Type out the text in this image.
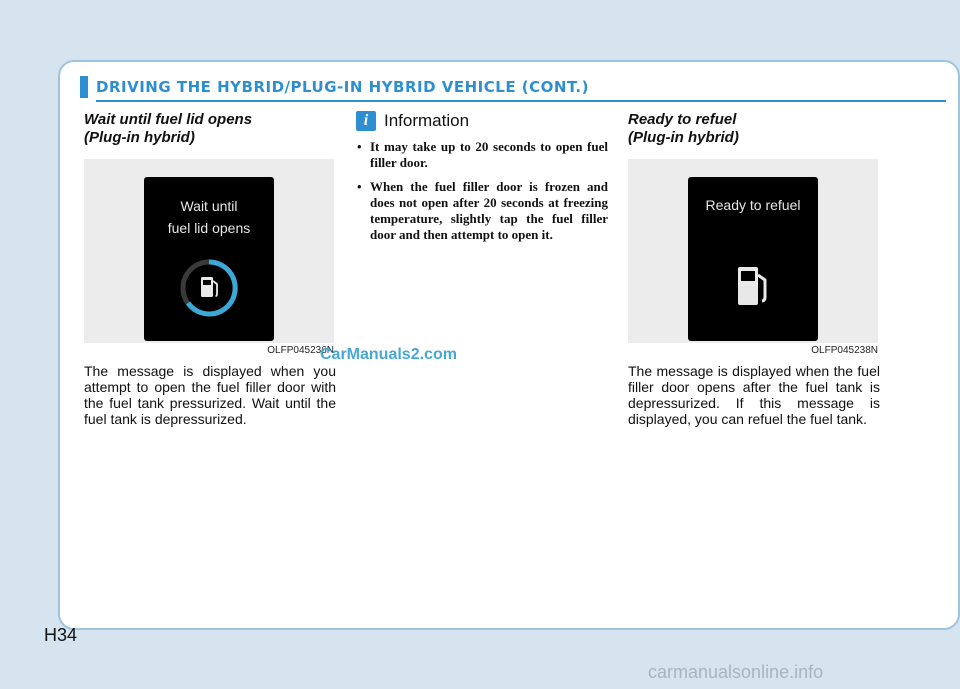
DRIVING THE HYBRID/PLUG-IN HYBRID VEHICLE (CONT.)
Wait until fuel lid opens
(Plug-in hybrid)
Wait until
fuel lid opens
OLFP045236N
The message is displayed when you attempt to open the fuel filler door with the fuel tank pressurized. Wait until the fuel tank is depressurized.
i Information
• It may take up to 20 seconds to open fuel filler door.
• When the fuel filler door is frozen and does not open after 20 seconds at freezing temperature, slightly tap the fuel filler door and then attempt to open it.
Ready to refuel
(Plug-in hybrid)
Ready to refuel
OLFP045238N
The message is displayed when the fuel filler door opens after the fuel tank is depressurized. If this message is displayed, you can refuel the fuel tank.
CarManuals2.com
H34
carmanualsonline.info
